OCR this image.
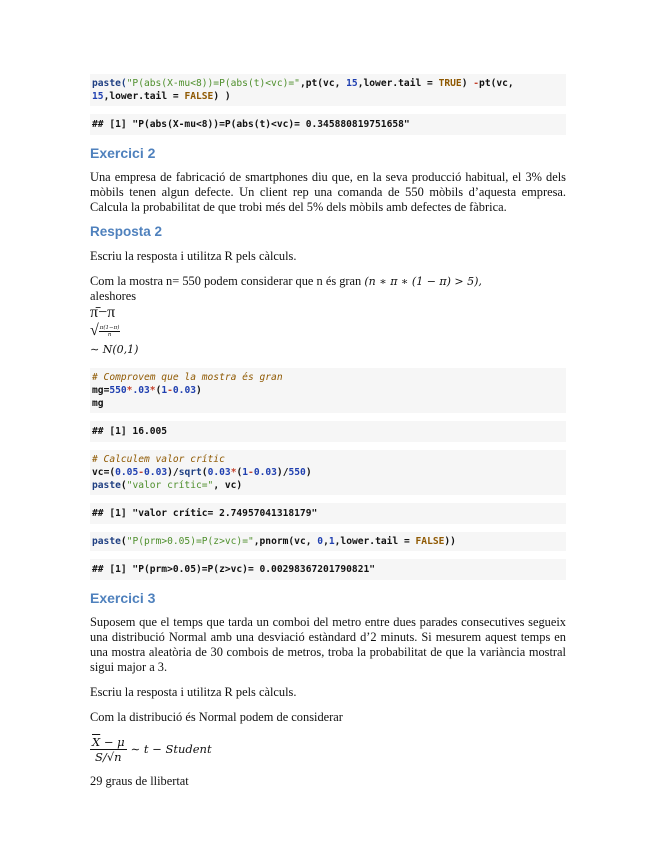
paste("P(abs(X-mu<8))=P(abs(t)<vc)=",pt(vc, 15,lower.tail = TRUE) -pt(vc,
15,lower.tail = FALSE) )
## [1] "P(abs(X-mu<8))=P(abs(t)<vc)= 0.345880819751658"
Exercici 2

Una empresa de fabricació de smartphones diu que, en la seva producció habitual, el 3% dels mòbils tenen algun defecte. Un client rep una comanda de 550 mòbils d’aquesta empresa. Calcula la probabilitat de que trobi més del 5% dels mòbils amb defectes de fàbrica.

Resposta 2

Escriu la resposta i utilitza R pels càlculs.

Com la mostra n= 550 podem considerar que n és gran (n ∗ π ∗ (1 − π) > 5),
aleshores

π̄−π
√ $\frac{\pi(1-\pi)}{n}$
∼ N(0,1)

# Comprovem que la mostra és gran
mg=550*.03*(1-0.03)
mg
## [1] 16.005
# Calculem valor crític
vc=(0.05-0.03)/sqrt(0.03*(1-0.03)/550)
paste("valor crític=", vc)
## [1] "valor crític= 2.74957041318179"
paste("P(prm>0.05)=P(z>vc)=",pnorm(vc, 0,1,lower.tail = FALSE))
## [1] "P(prm>0.05)=P(z>vc)= 0.00298367201790821"
Exercici 3

Suposem que el temps que tarda un comboi del metro entre dues parades consecutives segueix una distribució Normal amb una desviació estàndard d’2 minuts. Si mesurem aquest temps en una mostra aleatòria de 30 combois de metros, troba la probabilitat de que la variància mostral sigui major a 3.

Escriu la resposta i utilitza R pels càlculs.

Com la distribució és Normal podem de considerar

$\frac{\overline{X} - \mu}{S/√n}$ ∼ t − Student

29 graus de llibertat
